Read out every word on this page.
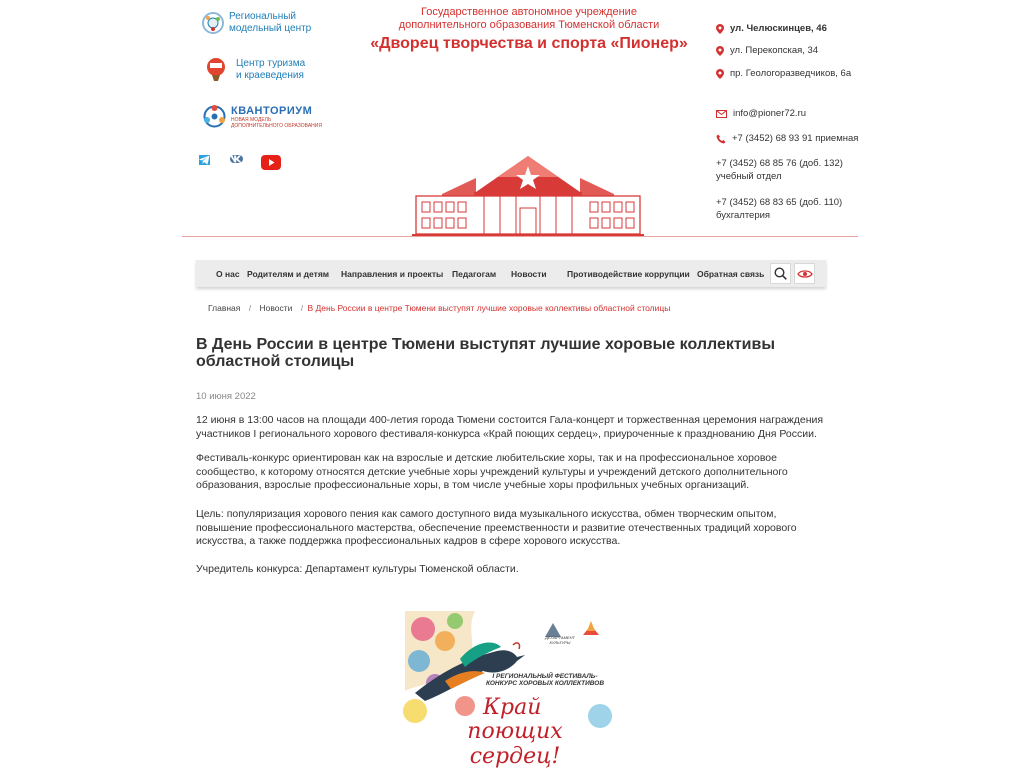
Региональный
модельный центр
Центр туризма
и краеведения
КВАНТОРИУМ
НОВАЯ МОДЕЛЬ
ДОПОЛНИТЕЛЬНОГО ОБРАЗОВАНИЯ
Государственное автономное учреждение
дополнительного образования Тюменской области
«Дворец творчества и спорта «Пионер»
ул. Челюскинцев, 46
ул. Перекопская, 34
пр. Геологоразведчиков, 6а
info@pioner72.ru
+7 (3452) 68 93 91 приемная
+7 (3452) 68 85 76 (доб. 132)
учебный отдел
+7 (3452) 68 83 65 (доб. 110)
бухгалтерия
О нас Родителям и детям Направления и проекты Педагогам Новости Противодействие коррупции Обратная связь
Главная / Новости / В День России в центре Тюмени выступят лучшие хоровые коллективы областной столицы
В День России в центре Тюмени выступят лучшие хоровые коллективы областной столицы
10 июня 2022

12 июня в 13:00 часов на площади 400-летия города Тюмени состоится Гала-концерт и торжественная церемония награждения участников I регионального хорового фестиваля-конкурса «Край поющих сердец», приуроченные к празднованию Дня России.

Фестиваль-конкурс ориентирован как на взрослые и детские любительские хоры, так и на профессиональное хоровое сообщество, к которому относятся детские учебные хоры учреждений культуры и учреждений детского дополнительного образования, взрослые профессиональные хоры, в том числе учебные хоры профильных учебных организаций.

Цель: популяризация хорового пения как самого доступного вида музыкального искусства, обмен творческим опытом, повышение профессионального мастерства, обеспечение преемственности и развитие отечественных традиций хорового искусства, а также поддержка профессиональных кадров в сфере хорового искусства.

Учредитель конкурса: Департамент культуры Тюменской области.

ДЕПАРТАМЕНТ КУЛЬТУРЫ
I РЕГИОНАЛЬНЫЙ ФЕСТИВАЛЬ-КОНКУРС ХОРОВЫХ КОЛЛЕКТИВОВ
Край
поющих сердец!
